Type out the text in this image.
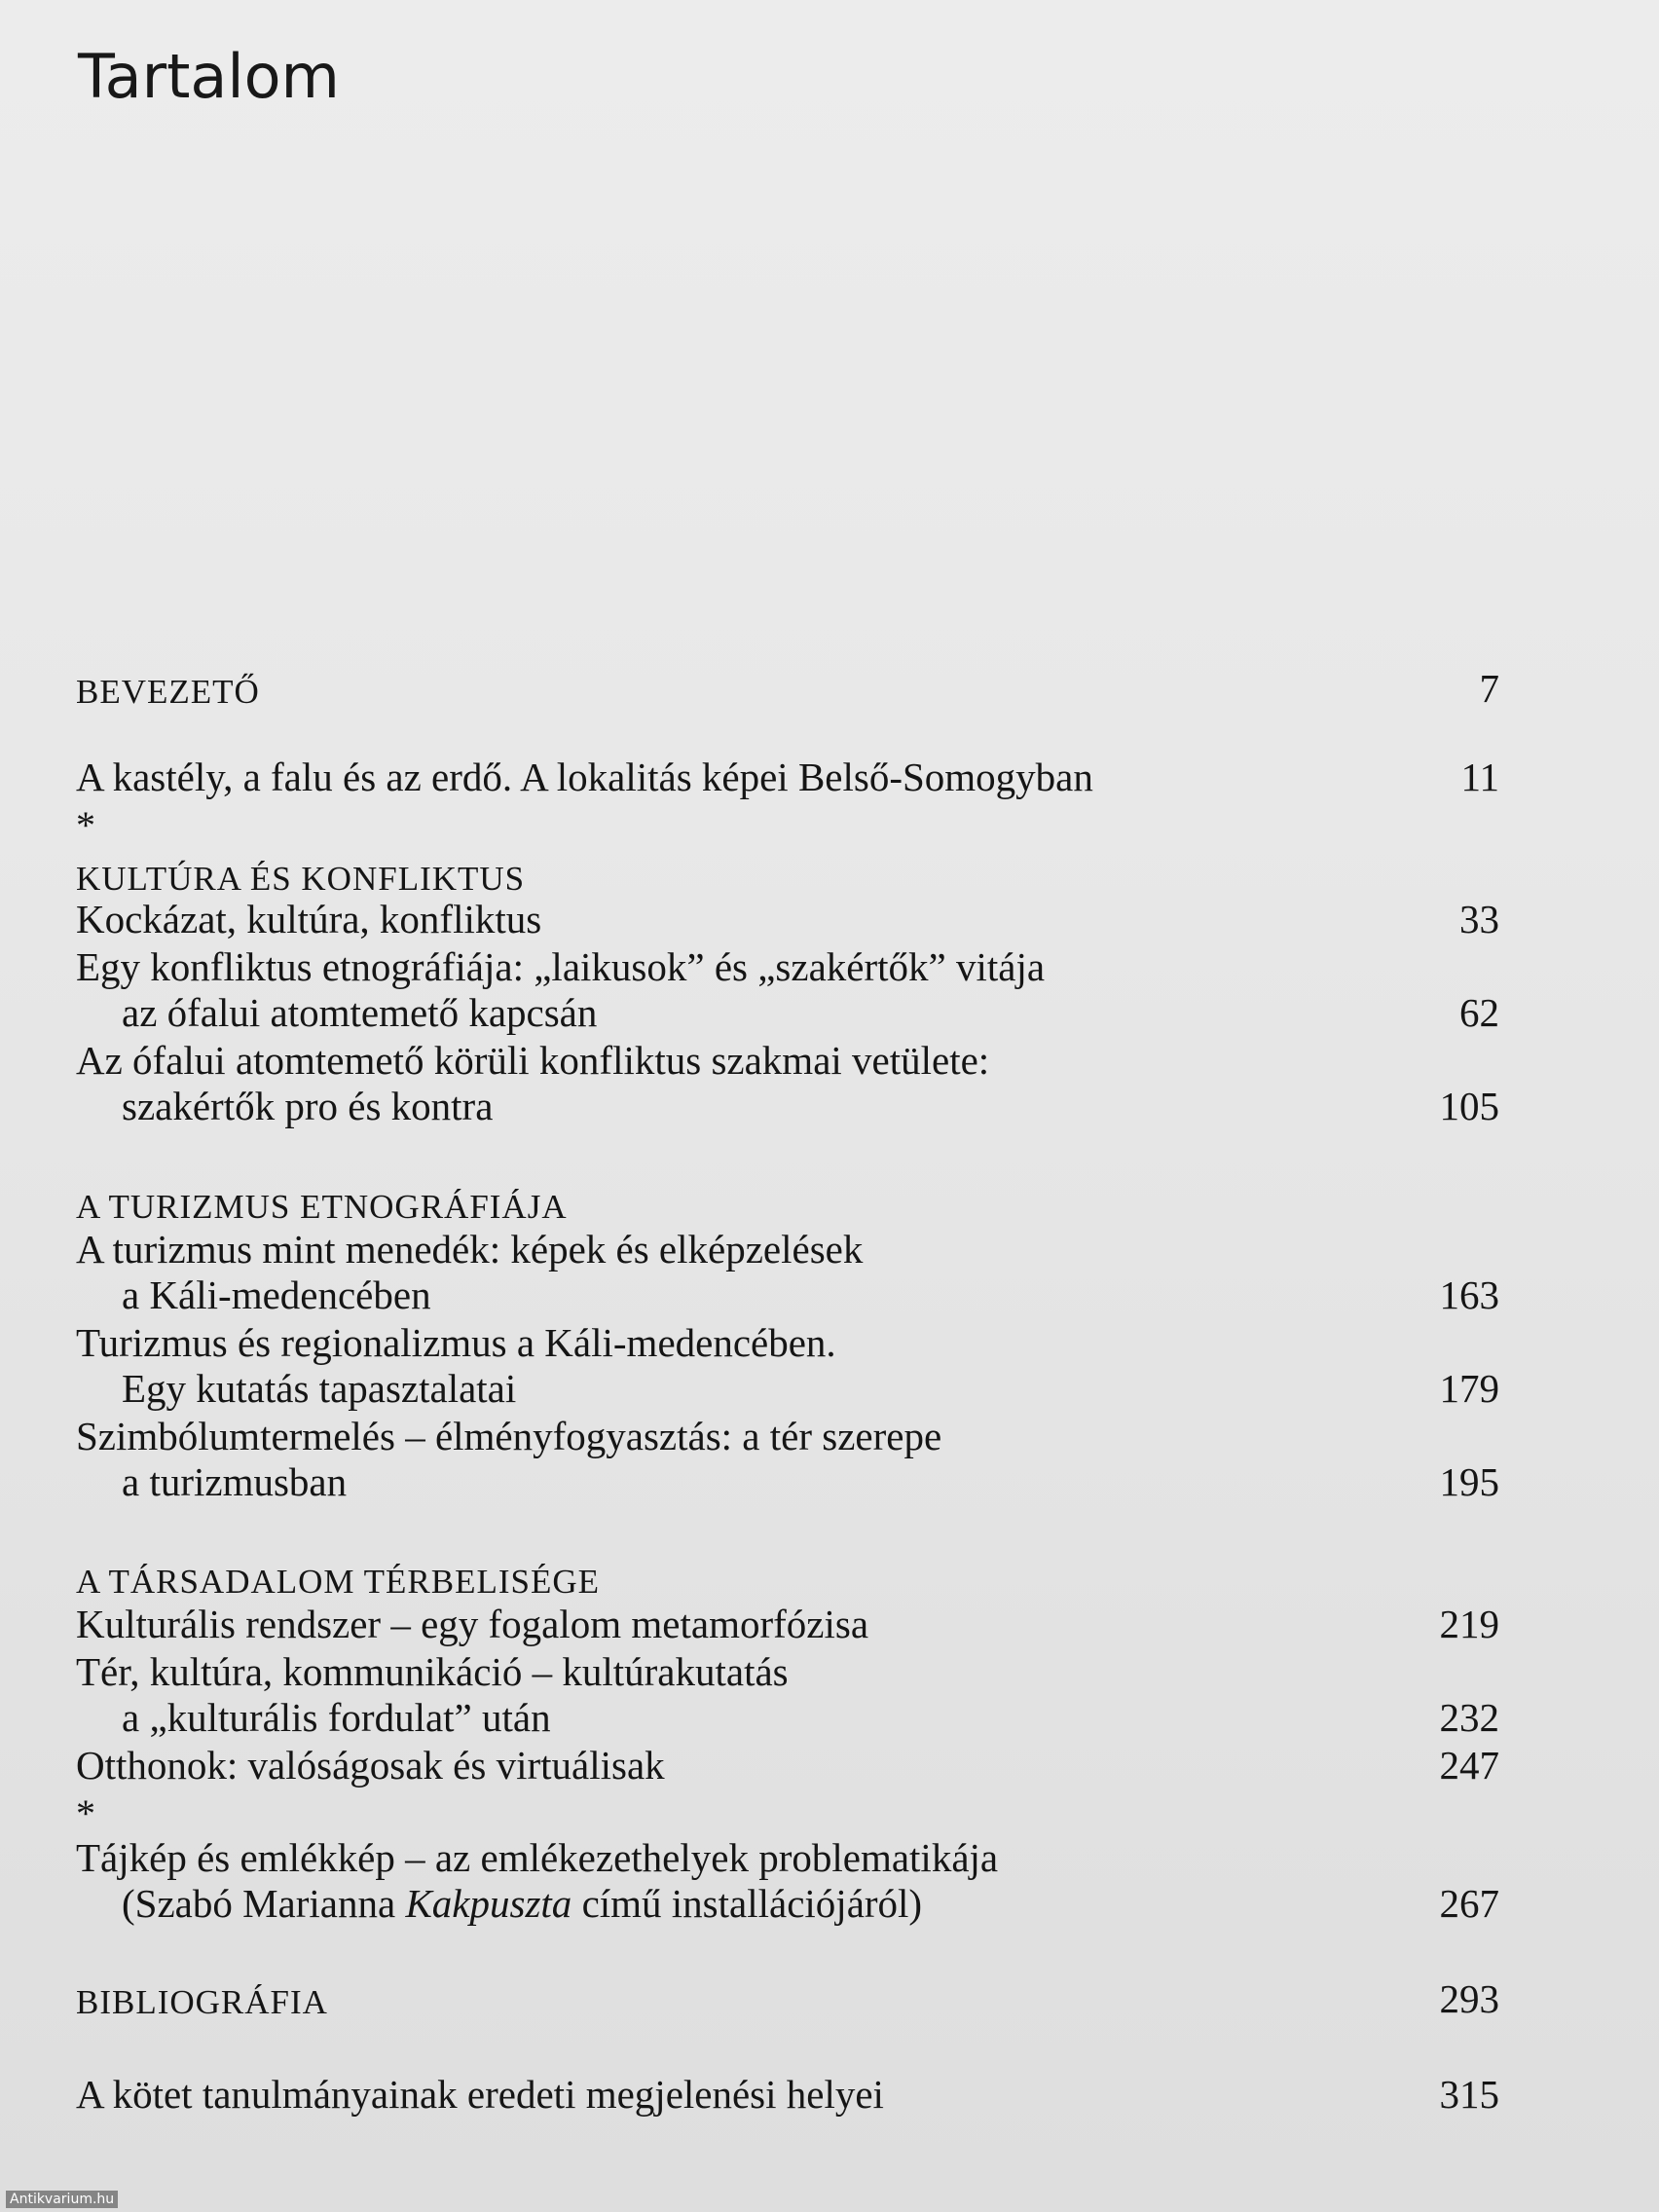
Tartalom
BEVEZETŐ	7
A kastély, a falu és az erdő. A lokalitás képei Belső-Somogyban	11
*
KULTÚRA ÉS KONFLIKTUS
Kockázat, kultúra, konfliktus	33
Egy konfliktus etnográfiája: „laikusok” és „szakértők” vitája
az ófalui atomtemető kapcsán	62
Az ófalui atomtemető körüli konfliktus szakmai vetülete:
szakértők pro és kontra	105
A TURIZMUS ETNOGRÁFIÁJA
A turizmus mint menedék: képek és elképzelések
a Káli-medencében	163
Turizmus és regionalizmus a Káli-medencében.
Egy kutatás tapasztalatai	179
Szimbólumtermelés – élményfogyasztás: a tér szerepe
a turizmusban	195
A TÁRSADALOM TÉRBELISÉGE
Kulturális rendszer – egy fogalom metamorfózisa	219
Tér, kultúra, kommunikáció – kultúrakutatás
a „kulturális fordulat” után	232
Otthonok: valóságosak és virtuálisak	247
*
Tájkép és emlékkép – az emlékezethelyek problematikája
(Szabó Marianna Kakpuszta című installációjáról)	267
BIBLIOGRÁFIA	293
A kötet tanulmányainak eredeti megjelenési helyei	315
Antikvarium.hu
